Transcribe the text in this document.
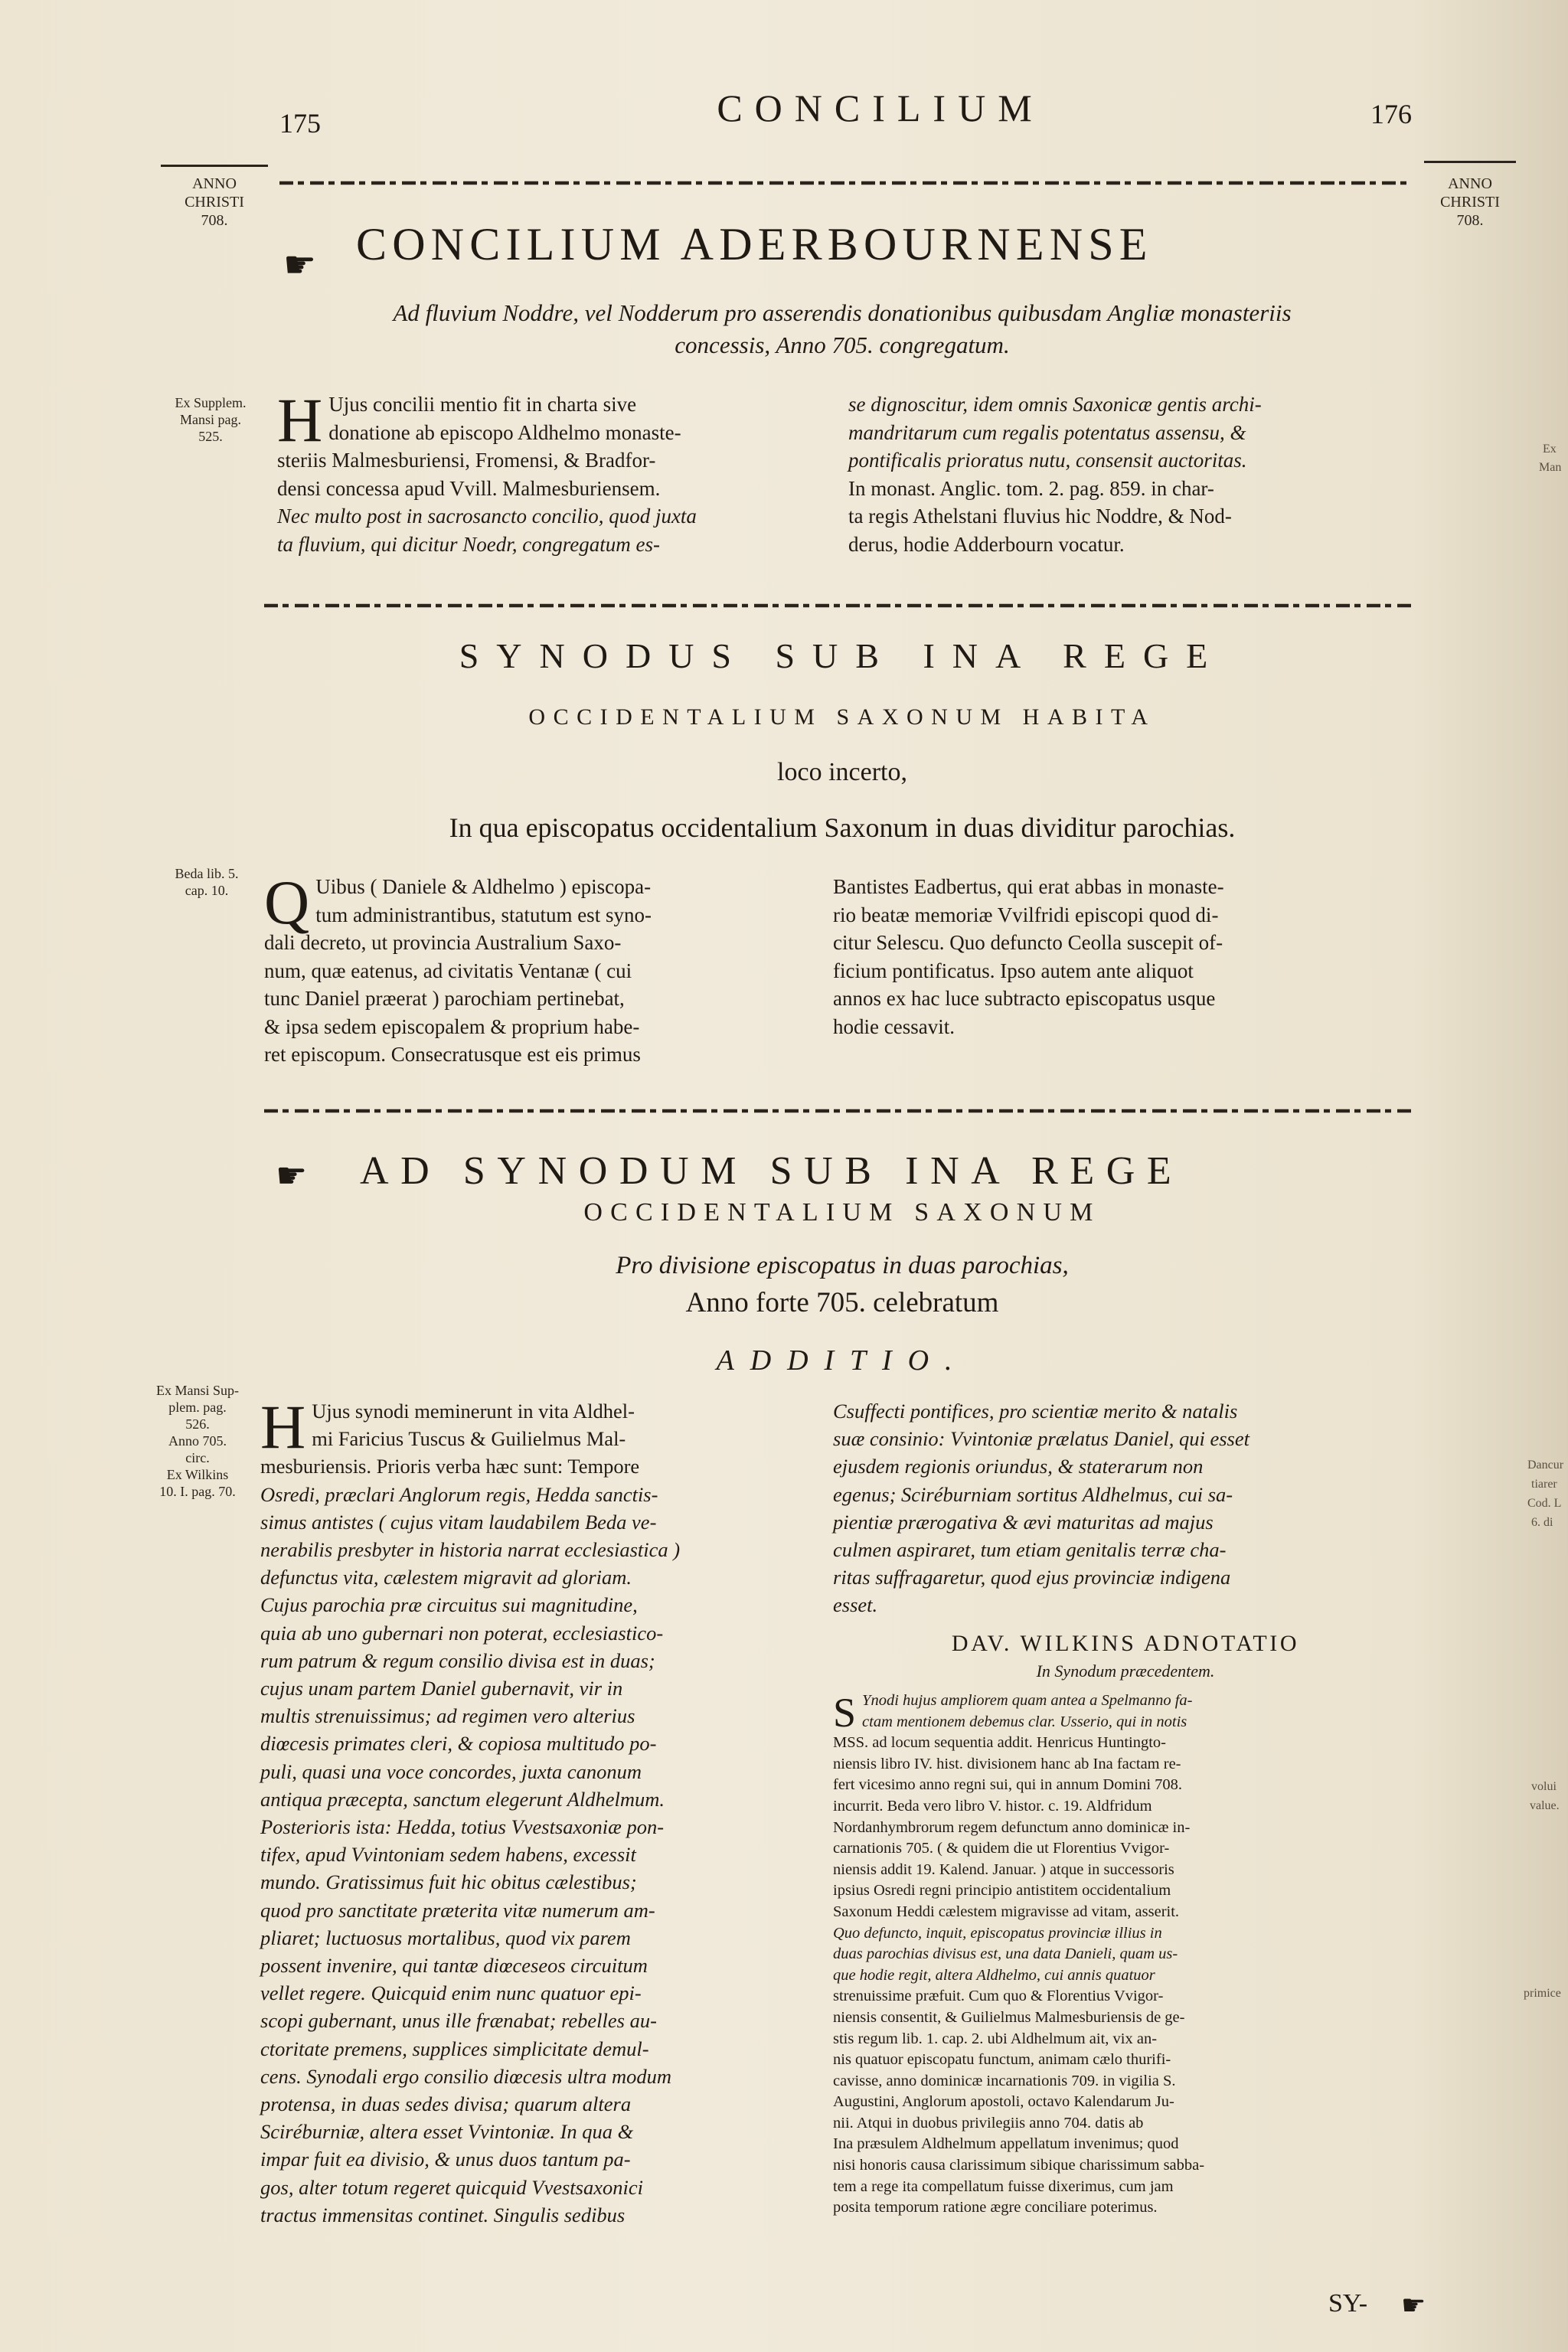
175	CONCILIUM	176
ANNO
CHRISTI
708.
ANNO
CHRISTI
708.
☛ CONCILIUM ADERBOURNENSE
Ad fluvium Noddre, vel Nodderum pro asserendis donationibus quibusdam Angliæ monasteriis
concessis, Anno 705. congregatum.
Ex Supplem.
Mansi pag.
525. H Ujus concilii mentio fit in charta sive

donatione ab episcopo Aldhelmo monaste-

steriis Malmesburiensi, Fromensi, & Bradfor-

densi concessa apud Vvill. Malmesburiensem.

Nec multo post in sacrosancto concilio, quod juxta

ta fluvium, qui dicitur Noedr, congregatum es-

se dignoscitur, idem omnis Saxonicæ gentis archi-

mandritarum cum regalis potentatus assensu, &

pontificalis prioratus nutu, consensit auctoritas.

In monast. Anglic. tom. 2. pag. 859. in char-

ta regis Athelstani fluvius hic Noddre, & Nod-

derus, hodie Adderbourn vocatur.

SYNODUS SUB INA REGE
OCCIDENTALIUM SAXONUM HABITA
loco incerto,
In qua episcopatus occidentalium Saxonum in duas dividitur parochias.
Beda lib. 5.
cap. 10. Q Uibus ( Daniele & Aldhelmo ) episcopa-

tum administrantibus, statutum est syno-

dali decreto, ut provincia Australium Saxo-

num, quæ eatenus, ad civitatis Ventanæ ( cui

tunc Daniel præerat ) parochiam pertinebat,

& ipsa sedem episcopalem & proprium habe-

ret episcopum. Consecratusque est eis primus

Bantistes Eadbertus, qui erat abbas in monaste-

rio beatæ memoriæ Vvilfridi episcopi quod di-

citur Selescu. Quo defuncto Ceolla suscepit of-

ficium pontificatus. Ipso autem ante aliquot

annos ex hac luce subtracto episcopatus usque

hodie cessavit.

☛ AD SYNODUM SUB INA REGE
OCCIDENTALIUM SAXONUM
Pro divisione episcopatus in duas parochias,
Anno forte 705. celebratum
ADDITIO.
Ex Mansi Sup-
plem. pag.
526.
Anno 705.
circ.
Ex Wilkins
10. I. pag. 70.
H Ujus synodi meminerunt in vita Aldhel-

mi Faricius Tuscus & Guilielmus Mal-

mesburiensis. Prioris verba hæc sunt: Tempore

Osredi, præclari Anglorum regis, Hedda sanctis-

simus antistes ( cujus vitam laudabilem Beda ve-

nerabilis presbyter in historia narrat ecclesiastica )

defunctus vita, cælestem migravit ad gloriam.

Cujus parochia præ circuitus sui magnitudine,

quia ab uno gubernari non poterat, ecclesiastico-

rum patrum & regum consilio divisa est in duas;

cujus unam partem Daniel gubernavit, vir in

multis strenuissimus; ad regimen vero alterius

diœcesis primates cleri, & copiosa multitudo po-

puli, quasi una voce concordes, juxta canonum

antiqua præcepta, sanctum elegerunt Aldhelmum.

Posterioris ista: Hedda, totius Vvestsaxoniæ pon-

tifex, apud Vvintoniam sedem habens, excessit

mundo. Gratissimus fuit hic obitus cælestibus;

quod pro sanctitate præterita vitæ numerum am-

pliaret; luctuosus mortalibus, quod vix parem

possent invenire, qui tantæ diœceseos circuitum

vellet regere. Quicquid enim nunc quatuor epi-

scopi gubernant, unus ille frænabat; rebelles au-

ctoritate premens, supplices simplicitate demul-

cens. Synodali ergo consilio diœcesis ultra modum

protensa, in duas sedes divisa; quarum altera

Sciréburniæ, altera esset Vvintoniæ. In qua &

impar fuit ea divisio, & unus duos tantum pa-

gos, alter totum regeret quicquid Vvestsaxonici

tractus immensitas continet. Singulis sedibus

Csuffecti pontifices, pro scientiæ merito & natalis

suæ consinio: Vvintoniæ prælatus Daniel, qui esset

ejusdem regionis oriundus, & staterarum non

egenus; Sciréburniam sortitus Aldhelmus, cui sa-

pientiæ prærogativa & ævi maturitas ad majus

culmen aspiraret, tum etiam genitalis terræ cha-

ritas suffragaretur, quod ejus provinciæ indigena

esset.

DAV. WILKINS ADNOTATIO
In Synodum præcedentem.
S Ynodi hujus ampliorem quam antea a Spelmanno fa-

ctam mentionem debemus clar. Usserio, qui in notis

MSS. ad locum sequentia addit. Henricus Huntingto-

niensis libro IV. hist. divisionem hanc ab Ina factam re-

fert vicesimo anno regni sui, qui in annum Domini 708.

incurrit. Beda vero libro V. histor. c. 19. Aldfridum

Nordanhymbrorum regem defunctum anno dominicæ in-

carnationis 705. ( & quidem die ut Florentius Vvigor-

niensis addit 19. Kalend. Januar. ) atque in successoris

ipsius Osredi regni principio antistitem occidentalium

Saxonum Heddi cælestem migravisse ad vitam, asserit.

Quo defuncto, inquit, episcopatus provinciæ illius in

duas parochias divisus est, una data Danieli, quam us-

que hodie regit, altera Aldhelmo, cui annis quatuor

strenuissime præfuit. Cum quo & Florentius Vvigor-

niensis consentit, & Guilielmus Malmesburiensis de ge-

stis regum lib. 1. cap. 2. ubi Aldhelmum ait, vix an-

nis quatuor episcopatu functum, animam cælo thurifi-

cavisse, anno dominicæ incarnationis 709. in vigilia S.

Augustini, Anglorum apostoli, octavo Kalendarum Ju-

nii. Atqui in duobus privilegiis anno 704. datis ab

Ina præsulem Aldhelmum appellatum invenimus; quod

nisi honoris causa clarissimum sibique charissimum sabba-

tem a rege ita compellatum fuisse dixerimus, cum jam

posita temporum ratione ægre conciliare poterimus.

SY- ☛
Ex
Man
Dancur
tiarer
Cod. L
6. di
volui
value.
primice
